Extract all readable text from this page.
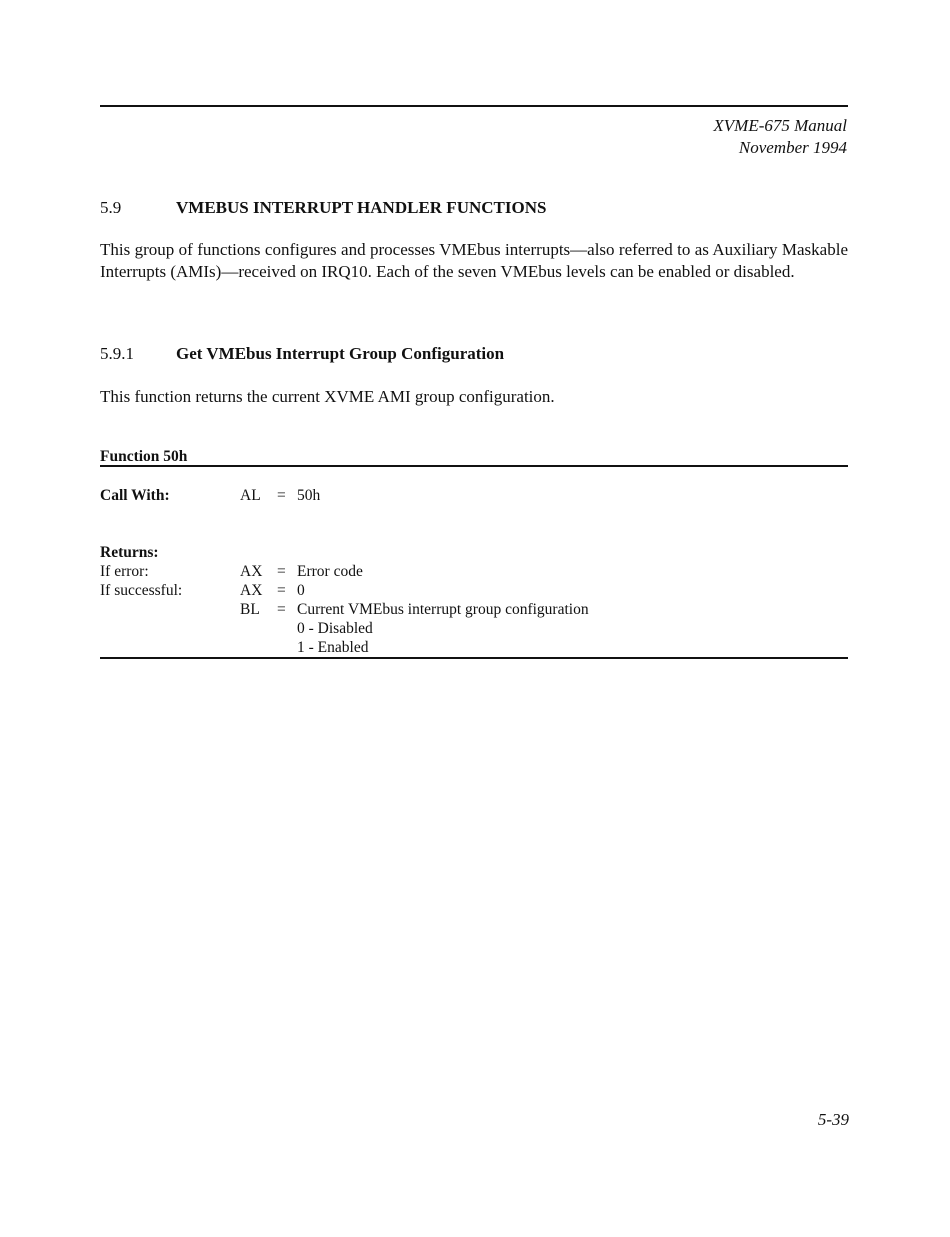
XVME-675 Manual
November 1994
5.9	VMEBUS INTERRUPT HANDLER FUNCTIONS

This group of functions configures and processes VMEbus interrupts—also referred to as Auxiliary Maskable Interrupts (AMIs)—received on IRQ10. Each of the seven VMEbus levels can be enabled or disabled.

5.9.1 Get VMEbus Interrupt Group Configuration

This function returns the current XVME AMI group configuration.

Function 50h
Call With:	AL = 50h
Returns:
If error:	AX = Error code
If successful:	AX = 0
BL = Current VMEbus interrupt group configuration
0 - Disabled
1 - Enabled
5-39
